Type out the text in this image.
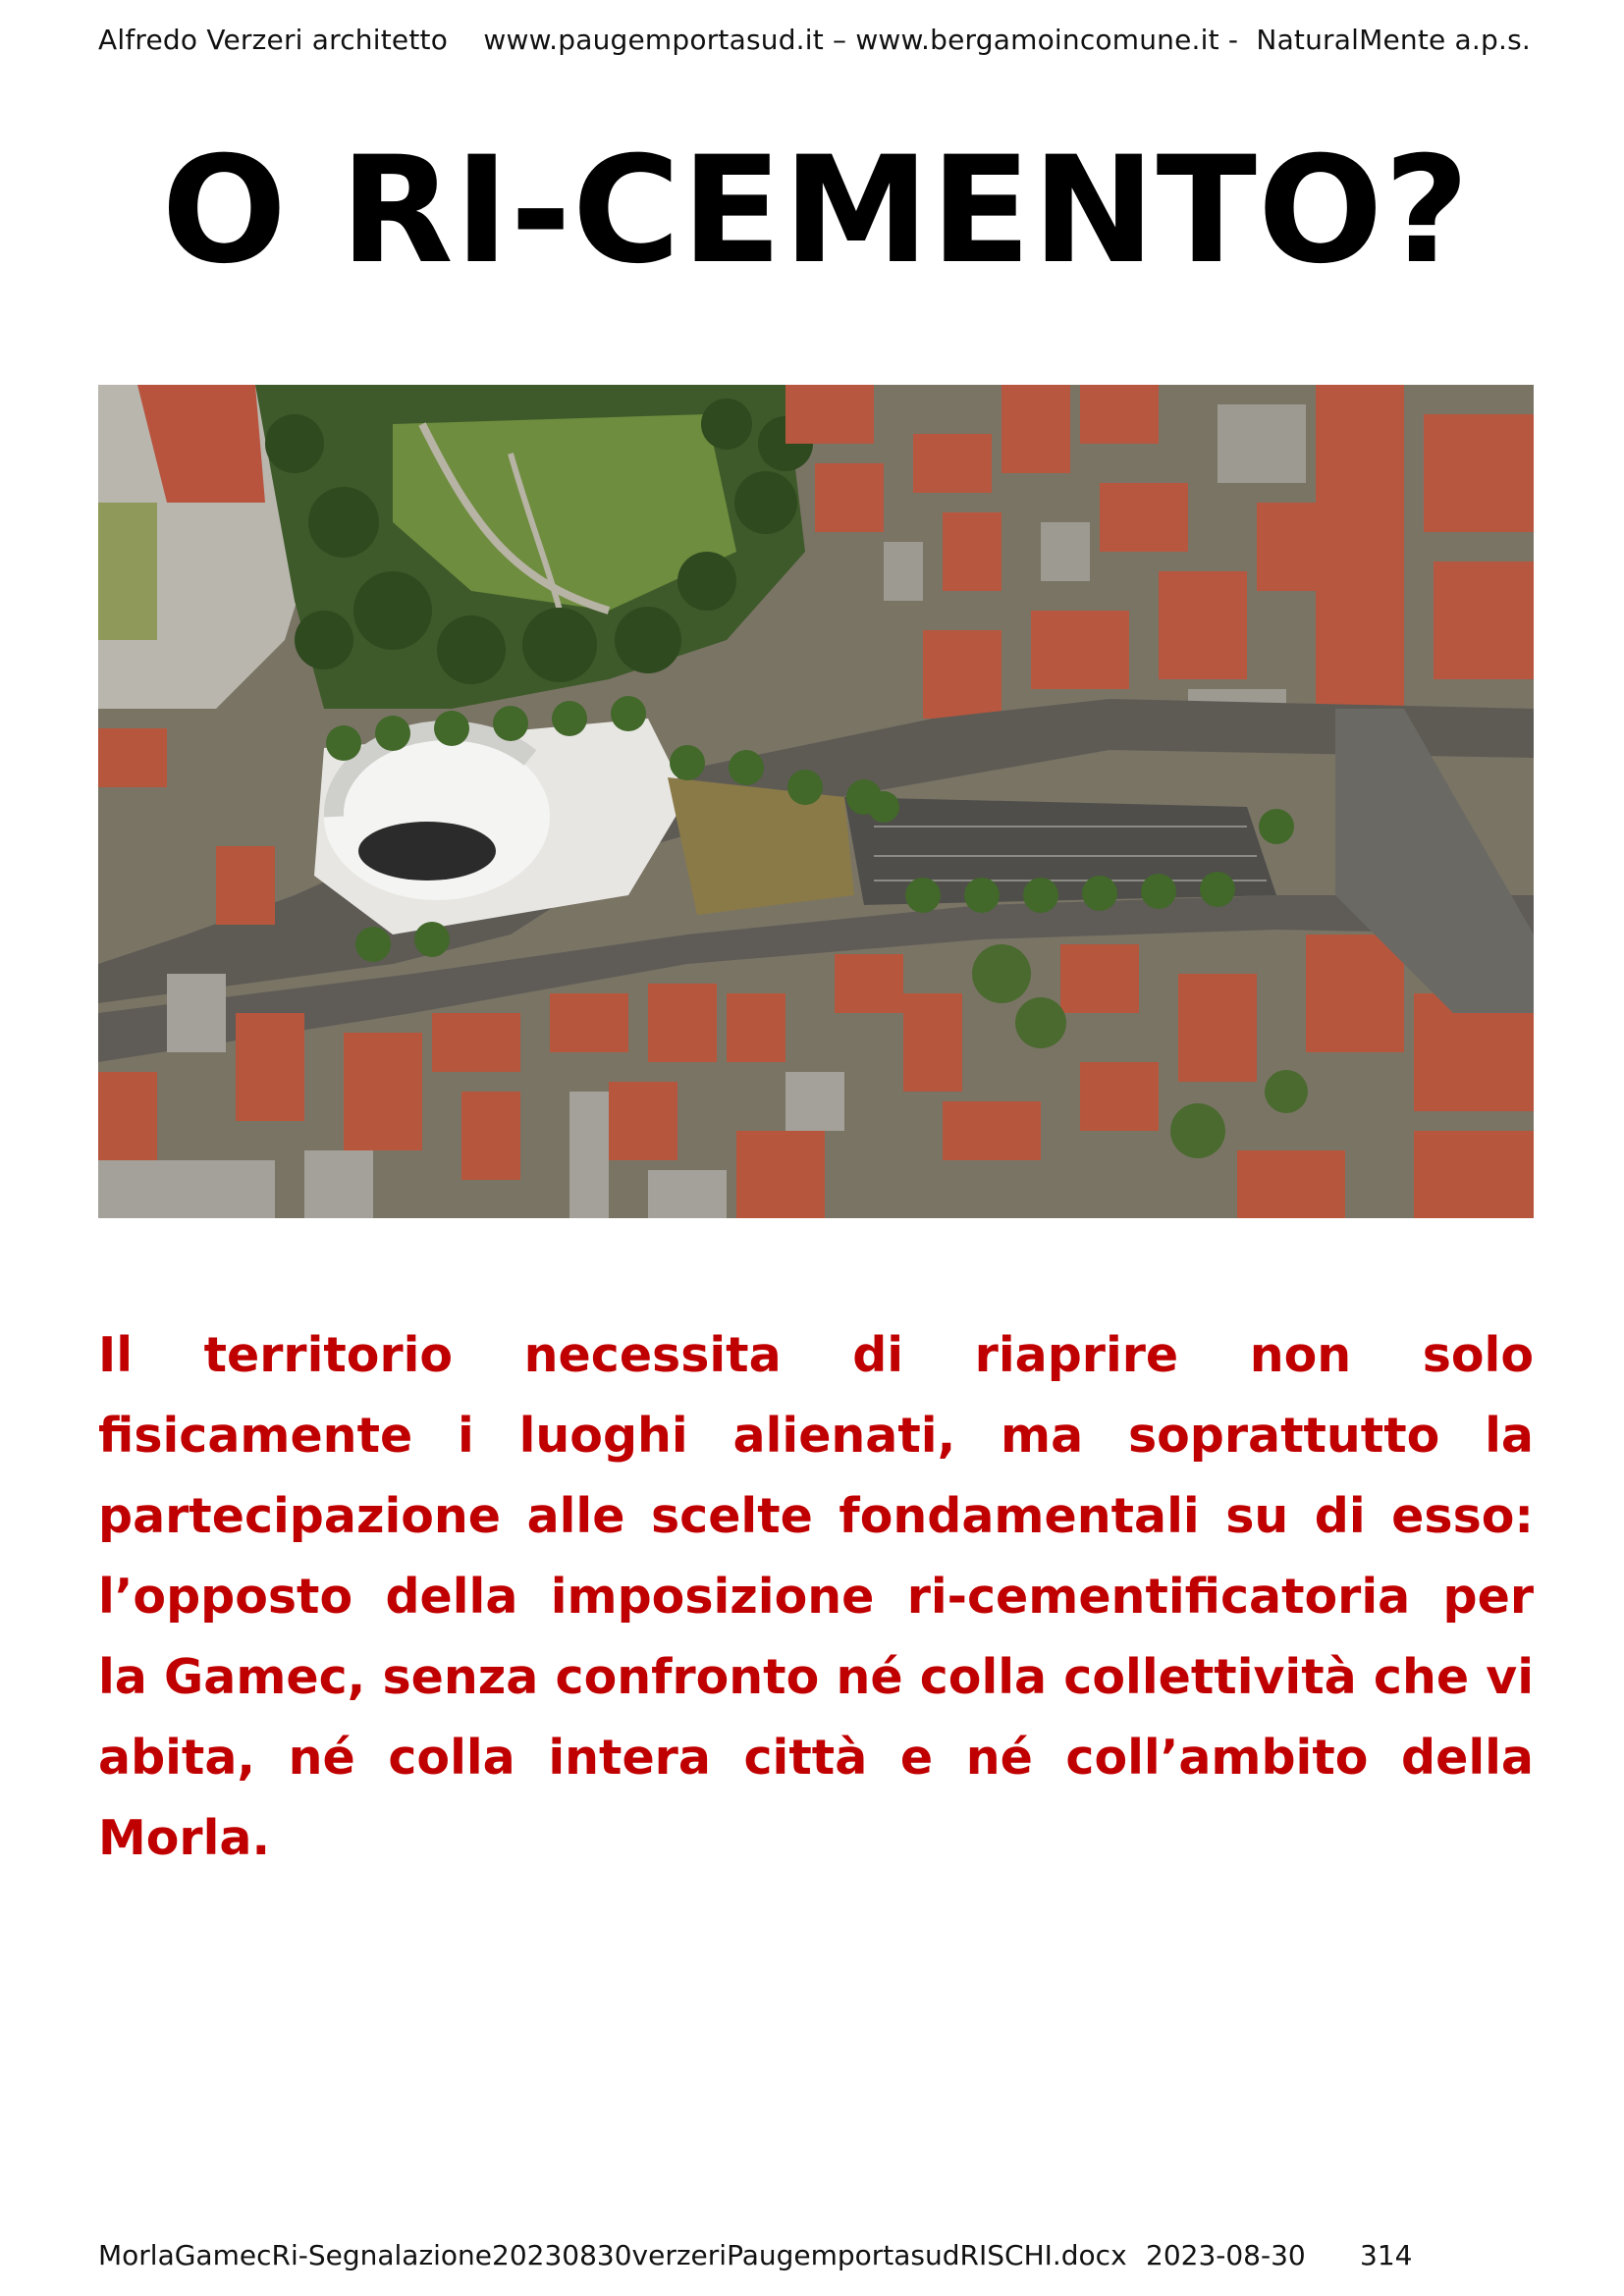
Alfredo Verzeri architetto    www.paugemportasud.it – www.bergamoincomune.it -  NaturalMente a.p.s.
O RI-CEMENTO?
Il territorio necessita di riaprire non solo fisicamente i luoghi alienati, ma soprattutto la partecipazione alle scelte fondamentali su di esso: l’opposto della imposizione ri-cementificatoria per la Gamec, senza confronto né colla collettività che vi abita, né colla intera città e né coll’ambito della Morla.
MorlaGamecRi-Segnalazione20230830verzeriPaugemportasudRISCHI.docx 2023-08-30 314
